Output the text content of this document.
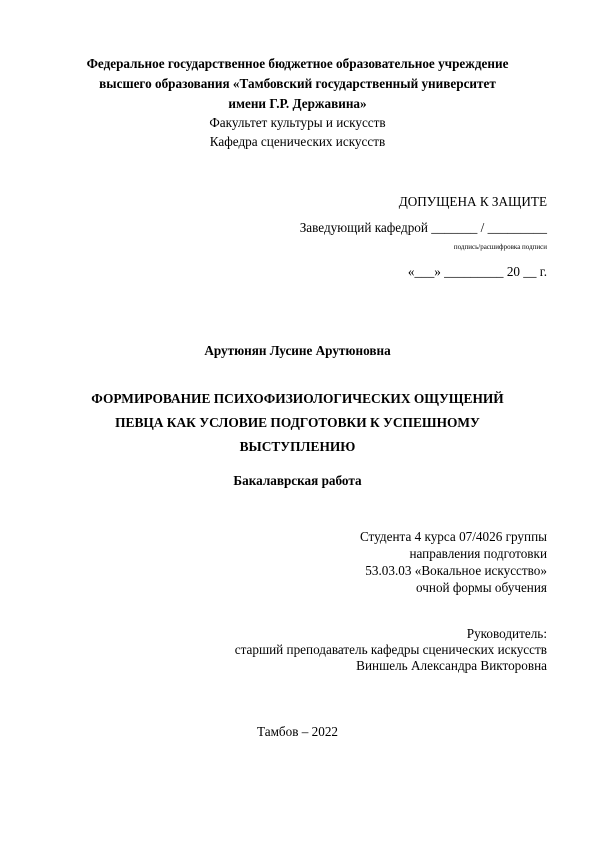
Федеральное государственное бюджетное образовательное учреждение
высшего образования «Тамбовский государственный университет
имени Г.Р. Державина»
Факультет культуры и искусств
Кафедра сценических искусств
ДОПУЩЕНА К ЗАЩИТЕ
Заведующий кафедрой _______ / _________
подпись/расшифровка подписи
«___» _________ 20 __ г.
Арутюнян Лусине Арутюновна
ФОРМИРОВАНИЕ ПСИХОФИЗИОЛОГИЧЕСКИХ ОЩУЩЕНИЙ
ПЕВЦА КАК УСЛОВИЕ ПОДГОТОВКИ К УСПЕШНОМУ
ВЫСТУПЛЕНИЮ
Бакалаврская работа
Студента 4 курса 07/4026 группы
направления подготовки
53.03.03 «Вокальное искусство»
очной формы обучения
Руководитель:
старший преподаватель кафедры сценических искусств
Виншель Александра Викторовна
Тамбов – 2022
